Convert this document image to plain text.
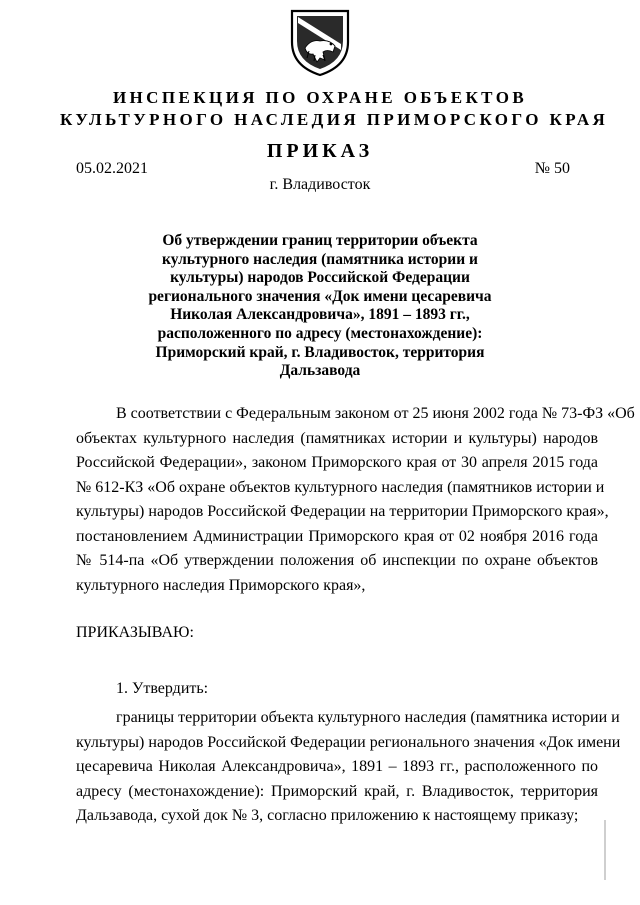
ИНСПЕКЦИЯ ПО ОХРАНЕ ОБЪЕКТОВ
КУЛЬТУРНОГО НАСЛЕДИЯ ПРИМОРСКОГО КРАЯ
ПРИКАЗ
05.02.2021	№ 50
г. Владивосток
Об утверждении границ территории объекта
культурного наследия (памятника истории и
культуры) народов Российской Федерации
регионального значения «Док имени цесаревича
Николая Александровича», 1891 – 1893 гг.,
расположенного по адресу (местонахождение):
Приморский край, г. Владивосток, территория
Дальзавода
В соответствии с Федеральным законом от 25 июня 2002 года № 73-ФЗ «Об
объектах культурного наследия (памятниках истории и культуры) народов
Российской Федерации», законом Приморского края от 30 апреля 2015 года
№ 612-КЗ «Об охране объектов культурного наследия (памятников истории и
культуры) народов Российской Федерации на территории Приморского края»,
постановлением Администрации Приморского края от 02 ноября 2016 года
№ 514-па «Об утверждении положения об инспекции по охране объектов
культурного наследия Приморского края»,
ПРИКАЗЫВАЮ:
1. Утвердить:
границы территории объекта культурного наследия (памятника истории и
культуры) народов Российской Федерации регионального значения «Док имени
цесаревича Николая Александровича», 1891 – 1893 гг., расположенного по
адресу (местонахождение): Приморский край, г. Владивосток, территория
Дальзавода, сухой док № 3, согласно приложению к настоящему приказу;
